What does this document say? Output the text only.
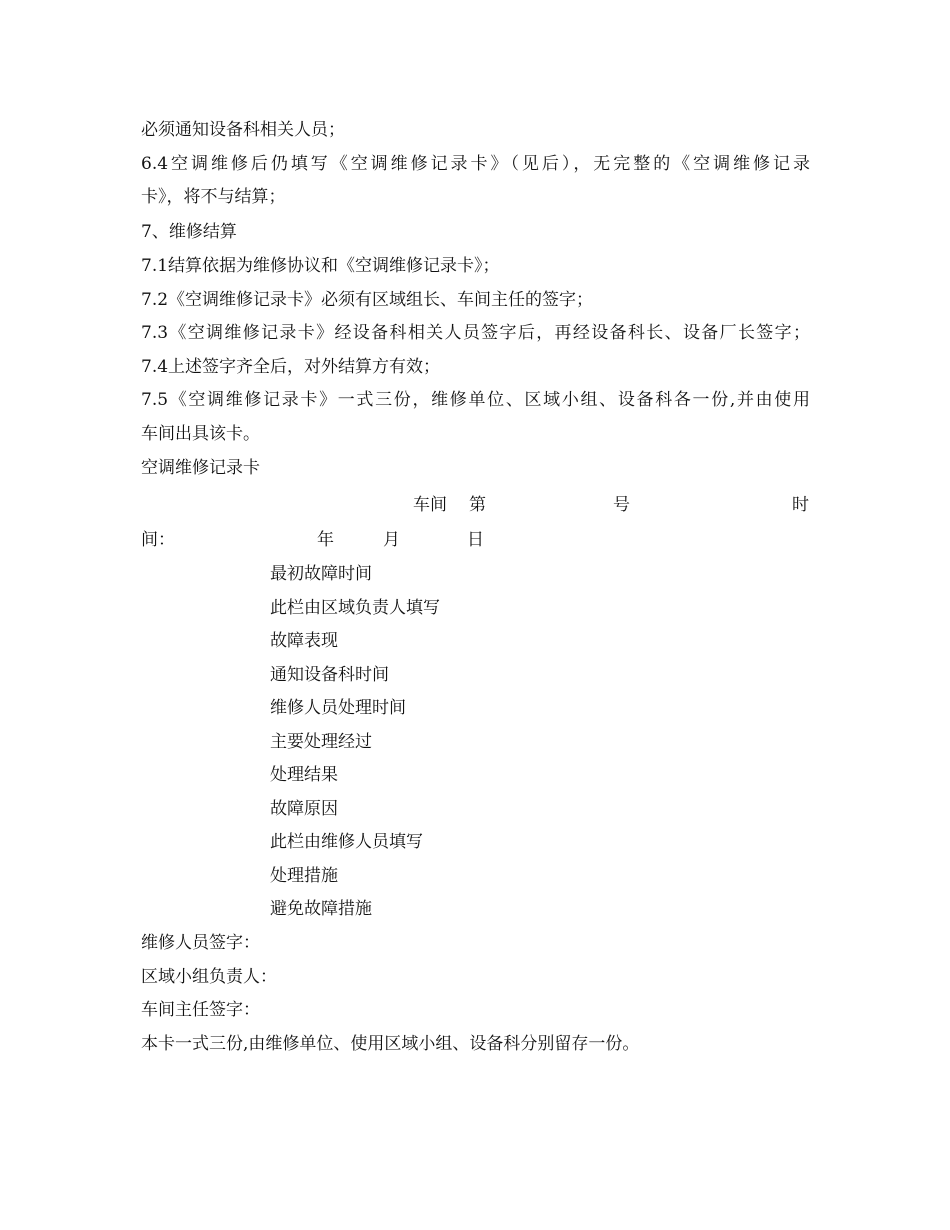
必须通知设备科相关人员；
6.4空调维修后仍填写《空调维修记录卡》（见后），无完整的《空调维修记录
卡》，将不与结算；
7、维修结算
7.1结算依据为维修协议和《空调维修记录卡》；
7.2《空调维修记录卡》必须有区域组长、车间主任的签字；
7.3《空调维修记录卡》经设备科相关人员签字后，再经设备科长、设备厂长签字；
7.4上述签字齐全后，对外结算方有效；
7.5《空调维修记录卡》一式三份，维修单位、区域小组、设备科各一份,并由使用
车间出具该卡。
空调维修记录卡
车间 第	号	时
间：	年	月	日
最初故障时间
此栏由区域负责人填写
故障表现
通知设备科时间
维修人员处理时间
主要处理经过
处理结果
故障原因
此栏由维修人员填写
处理措施
避免故障措施
维修人员签字：
区域小组负责人：
车间主任签字：
本卡一式三份,由维修单位、使用区域小组、设备科分别留存一份。
